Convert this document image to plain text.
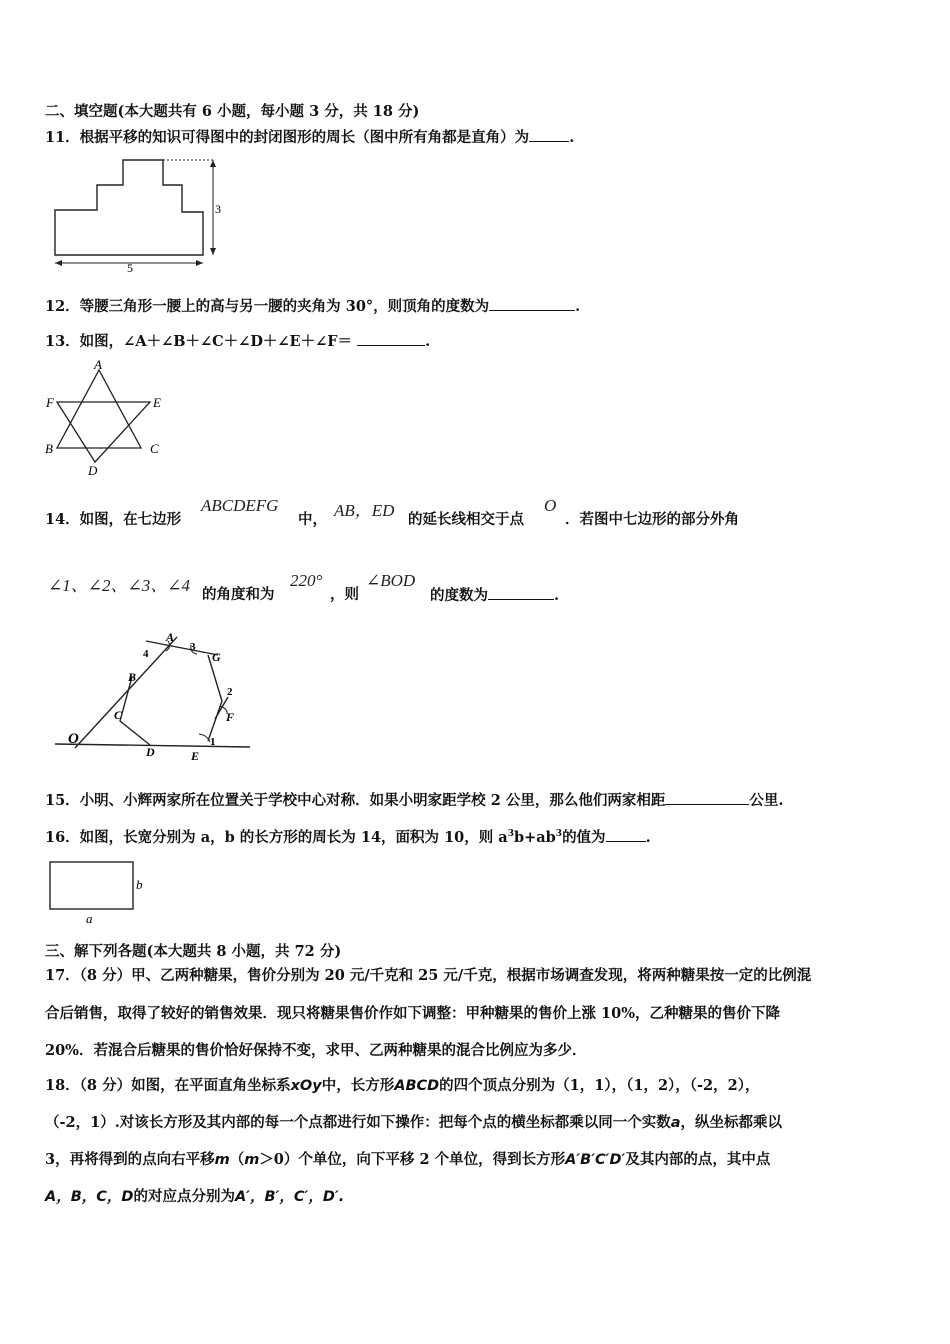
二、填空题(本大题共有 6 小题，每小题 3 分，共 18 分)
11．根据平移的知识可得图中的封闭图形的周长（图中所有角都是直角）为	.
3
5
12．等腰三角形一腰上的高与另一腰的夹角为 30°，则顶角的度数为	.
13．如图，∠A＋∠B＋∠C＋∠D＋∠E＋∠F＝	.
A
B	C
D
E
F
14．如图，在七边形
ABCDEFG
中， AB，ED 的延长线相交于点
O
．若图中七边形的部分外角
∠1、∠2、∠3、∠4 的角度和为
220°
，则
∠BOD
的度数为	.
O
A
B
C
D	E
F
G
1
2
3
4
15．小明、小辉两家所在位置关于学校中心对称．如果小明家距学校 2 公里，那么他们两家相距	公里.
16．如图，长宽分别为 a，b 的长方形的周长为 14，面积为 10，则 $a^3b+ab^3$的值为	.
b
a
三、解下列各题(本大题共 8 小题，共 72 分)
17．（8 分）甲、乙两种糖果，售价分别为 20 元/千克和 25 元/千克，根据市场调查发现，将两种糖果按一定的比例混
合后销售，取得了较好的销售效果．现只将糖果售价作如下调整：甲种糖果的售价上涨 10%，乙种糖果的售价下降
20%．若混合后糖果的售价恰好保持不变，求甲、乙两种糖果的混合比例应为多少．
18．（8 分）如图，在平面直角坐标系xOy中，长方形ABCD的四个顶点分别为（1，1），（1，2），（-2，2），
（-2，1）.对该长方形及其内部的每一个点都进行如下操作：把每个点的横坐标都乘以同一个实数a，纵坐标都乘以
3，再将得到的点向右平移m（m＞0）个单位，向下平移 2 个单位，得到长方形A′B′C′D′及其内部的点，其中点
A，B，C，D的对应点分别为A′，B′，C′，D′.
